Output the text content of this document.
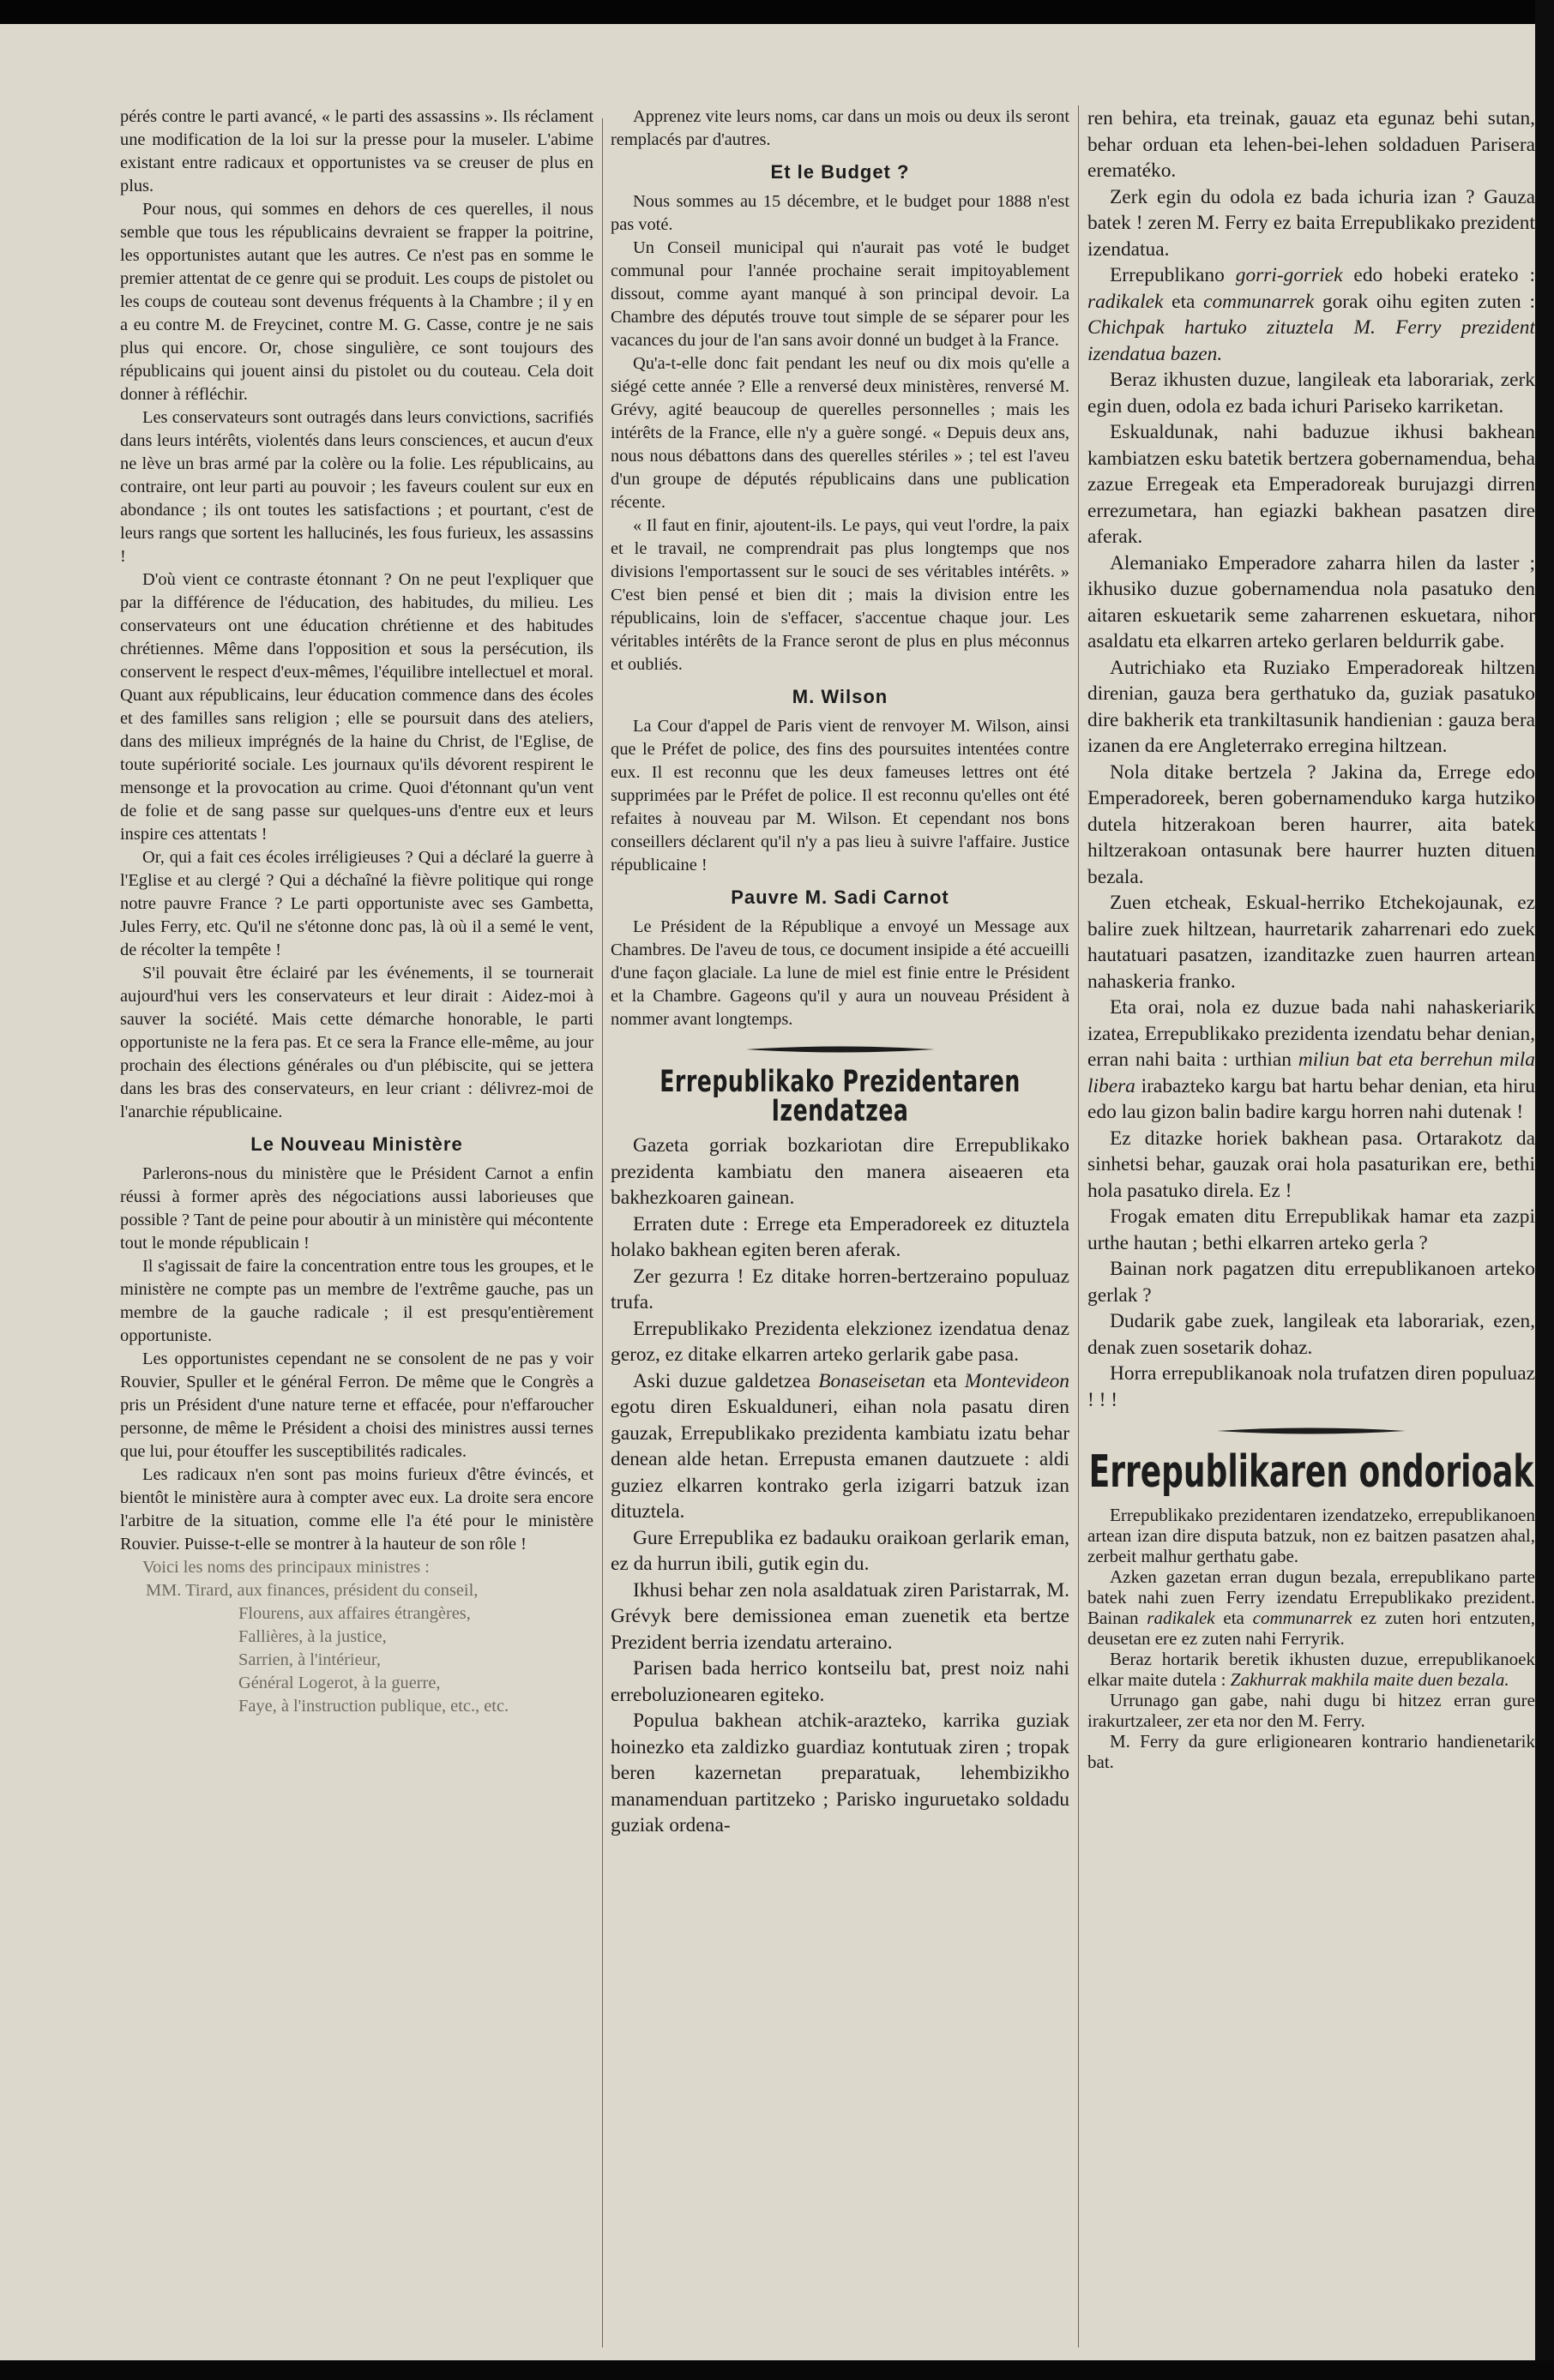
pérés contre le parti avancé, « le parti des assassins ». Ils réclament une modification de la loi sur la presse pour la museler. L'abime existant entre radicaux et opportunistes va se creuser de plus en plus.

Pour nous, qui sommes en dehors de ces querelles, il nous semble que tous les républicains devraient se frapper la poitrine, les opportunistes autant que les autres. Ce n'est pas en somme le premier attentat de ce genre qui se produit. Les coups de pistolet ou les coups de couteau sont devenus fréquents à la Chambre ; il y en a eu contre M. de Freycinet, contre M. G. Casse, contre je ne sais plus qui encore. Or, chose singulière, ce sont toujours des républicains qui jouent ainsi du pistolet ou du couteau. Cela doit donner à réfléchir.

Les conservateurs sont outragés dans leurs convictions, sacrifiés dans leurs intérêts, violentés dans leurs consciences, et aucun d'eux ne lève un bras armé par la colère ou la folie. Les républicains, au contraire, ont leur parti au pouvoir ; les faveurs coulent sur eux en abondance ; ils ont toutes les satisfactions ; et pourtant, c'est de leurs rangs que sortent les hallucinés, les fous furieux, les assassins !

D'où vient ce contraste étonnant ? On ne peut l'expliquer que par la différence de l'éducation, des habitudes, du milieu. Les conservateurs ont une éducation chrétienne et des habitudes chrétiennes. Même dans l'opposition et sous la persécution, ils conservent le respect d'eux-mêmes, l'équilibre intellectuel et moral. Quant aux républicains, leur éducation commence dans des écoles et des familles sans religion ; elle se poursuit dans des ateliers, dans des milieux imprégnés de la haine du Christ, de l'Eglise, de toute supériorité sociale. Les journaux qu'ils dévorent respirent le mensonge et la provocation au crime. Quoi d'étonnant qu'un vent de folie et de sang passe sur quelques-uns d'entre eux et leurs inspire ces attentats !

Or, qui a fait ces écoles irréligieuses ? Qui a déclaré la guerre à l'Eglise et au clergé ? Qui a déchaîné la fièvre politique qui ronge notre pauvre France ? Le parti opportuniste avec ses Gambetta, Jules Ferry, etc. Qu'il ne s'étonne donc pas, là où il a semé le vent, de récolter la tempête !

S'il pouvait être éclairé par les événements, il se tournerait aujourd'hui vers les conservateurs et leur dirait : Aidez-moi à sauver la société. Mais cette démarche honorable, le parti opportuniste ne la fera pas. Et ce sera la France elle-même, au jour prochain des élections générales ou d'un plébiscite, qui se jettera dans les bras des conservateurs, en leur criant : délivrez-moi de l'anarchie républicaine.

Le Nouveau Ministère

Parlerons-nous du ministère que le Président Carnot a enfin réussi à former après des négociations aussi laborieuses que possible ? Tant de peine pour aboutir à un ministère qui mécontente tout le monde républicain !

Il s'agissait de faire la concentration entre tous les groupes, et le ministère ne compte pas un membre de l'extrême gauche, pas un membre de la gauche radicale ; il est presqu'entièrement opportuniste.

Les opportunistes cependant ne se consolent de ne pas y voir Rouvier, Spuller et le général Ferron. De même que le Congrès a pris un Président d'une nature terne et effacée, pour n'effaroucher personne, de même le Président a choisi des ministres aussi ternes que lui, pour étouffer les susceptibilités radicales.

Les radicaux n'en sont pas moins furieux d'être évincés, et bientôt le ministère aura à compter avec eux. La droite sera encore l'arbitre de la situation, comme elle l'a été pour le ministère Rouvier. Puisse-t-elle se montrer à la hauteur de son rôle !

Voici les noms des principaux ministres :

MM. Tirard, aux finances, président du conseil,

Flourens, aux affaires étrangères,

Fallières, à la justice,

Sarrien, à l'intérieur,

Général Logerot, à la guerre,

Faye, à l'instruction publique, etc., etc.

Apprenez vite leurs noms, car dans un mois ou deux ils seront remplacés par d'autres.

Et le Budget ?

Nous sommes au 15 décembre, et le budget pour 1888 n'est pas voté.

Un Conseil municipal qui n'aurait pas voté le budget communal pour l'année prochaine serait impitoyablement dissout, comme ayant manqué à son principal devoir. La Chambre des députés trouve tout simple de se séparer pour les vacances du jour de l'an sans avoir donné un budget à la France.

Qu'a-t-elle donc fait pendant les neuf ou dix mois qu'elle a siégé cette année ? Elle a renversé deux ministères, renversé M. Grévy, agité beaucoup de querelles personnelles ; mais les intérêts de la France, elle n'y a guère songé. « Depuis deux ans, nous nous débattons dans des querelles stériles » ; tel est l'aveu d'un groupe de députés républicains dans une publication récente.

« Il faut en finir, ajoutent-ils. Le pays, qui veut l'ordre, la paix et le travail, ne comprendrait pas plus longtemps que nos divisions l'emportassent sur le souci de ses véritables intérêts. » C'est bien pensé et bien dit ; mais la division entre les républicains, loin de s'effacer, s'accentue chaque jour. Les véritables intérêts de la France seront de plus en plus méconnus et oubliés.

M. Wilson

La Cour d'appel de Paris vient de renvoyer M. Wilson, ainsi que le Préfet de police, des fins des poursuites intentées contre eux. Il est reconnu que les deux fameuses lettres ont été supprimées par le Préfet de police. Il est reconnu qu'elles ont été refaites à nouveau par M. Wilson. Et cependant nos bons conseillers déclarent qu'il n'y a pas lieu à suivre l'affaire. Justice républicaine !

Pauvre M. Sadi Carnot

Le Président de la République a envoyé un Message aux Chambres. De l'aveu de tous, ce document insipide a été accueilli d'une façon glaciale. La lune de miel est finie entre le Président et la Chambre. Gageons qu'il y aura un nouveau Président à nommer avant longtemps.

Errepublikako Prezidentaren Izendatzea

Gazeta gorriak bozkariotan dire Errepublikako prezidenta kambiatu den manera aiseaeren eta bakhezkoaren gainean.

Erraten dute : Errege eta Emperadoreek ez dituztela holako bakhean egiten beren aferak.

Zer gezurra ! Ez ditake horren-bertzeraino populuaz trufa.

Errepublikako Prezidenta elekzionez izendatua denaz geroz, ez ditake elkarren arteko gerlarik gabe pasa.

Aski duzue galdetzea Bonaseisetan eta Montevideon egotu diren Eskualduneri, eihan nola pasatu diren gauzak, Errepublikako prezidenta kambiatu izatu behar denean alde hetan. Errepusta emanen dautzuete : aldi guziez elkarren kontrako gerla izigarri batzuk izan dituztela.

Gure Errepublika ez badauku oraikoan gerlarik eman, ez da hurrun ibili, gutik egin du.

Ikhusi behar zen nola asaldatuak ziren Paristarrak, M. Grévyk bere demissionea eman zuenetik eta bertze Prezident berria izendatu arteraino.

Parisen bada herrico kontseilu bat, prest noiz nahi erreboluzionearen egiteko.

Populua bakhean atchik-arazteko, karrika guziak hoinezko eta zaldizko guardiaz kontutuak ziren ; tropak beren kazernetan preparatuak, lehembizikho manamenduan partitzeko ; Parisko inguruetako soldadu guziak ordena-

ren behira, eta treinak, gauaz eta egunaz behi sutan, behar orduan eta lehen-bei-lehen soldaduen Parisera erematéko.

Zerk egin du odola ez bada ichuria izan ? Gauza batek ! zeren M. Ferry ez baita Errepublikako prezident izendatua.

Errepublikano gorri-gorriek edo hobeki erateko : radikalek eta communarrek gorak oihu egiten zuten : Chichpak hartuko zituztela M. Ferry prezident izendatua bazen.

Beraz ikhusten duzue, langileak eta laborariak, zerk egin duen, odola ez bada ichuri Pariseko karriketan.

Eskualdunak, nahi baduzue ikhusi bakhean kambiatzen esku batetik bertzera gobernamendua, beha zazue Erregeak eta Emperadoreak burujazgi dirren errezumetara, han egiazki bakhean pasatzen dire aferak.

Alemaniako Emperadore zaharra hilen da laster ; ikhusiko duzue gobernamendua nola pasatuko den aitaren eskuetarik seme zaharrenen eskuetara, nihor asaldatu eta elkarren arteko gerlaren beldurrik gabe.

Autrichiako eta Ruziako Emperadoreak hiltzen direnian, gauza bera gerthatuko da, guziak pasatuko dire bakherik eta trankiltasunik handienian : gauza bera izanen da ere Angleterrako erregina hiltzean.

Nola ditake bertzela ? Jakina da, Errege edo Emperadoreek, beren gobernamenduko karga hutziko dutela hitzerakoan beren haurrer, aita batek hiltzerakoan ontasunak bere haurrer huzten dituen bezala.

Zuen etcheak, Eskual-herriko Etchekojaunak, ez balire zuek hiltzean, haurretarik zaharrenari edo zuek hautatuari pasatzen, izanditazke zuen haurren artean nahaskeria franko.

Eta orai, nola ez duzue bada nahi nahaskeriarik izatea, Errepublikako prezidenta izendatu behar denian, erran nahi baita : urthian miliun bat eta berrehun mila libera irabazteko kargu bat hartu behar denian, eta hiru edo lau gizon balin badire kargu horren nahi dutenak !

Ez ditazke horiek bakhean pasa. Ortarakotz da sinhetsi behar, gauzak orai hola pasaturikan ere, bethi hola pasatuko direla. Ez !

Frogak ematen ditu Errepublikak hamar eta zazpi urthe hautan ; bethi elkarren arteko gerla ?

Bainan nork pagatzen ditu errepublikanoen arteko gerlak ?

Dudarik gabe zuek, langileak eta laborariak, ezen, denak zuen sosetarik dohaz.

Horra errepublikanoak nola trufatzen diren populuaz ! ! !

Errepublikaren ondorioak

Errepublikako prezidentaren izendatzeko, errepublikanoen artean izan dire disputa batzuk, non ez baitzen pasatzen ahal, zerbeit malhur gerthatu gabe.

Azken gazetan erran dugun bezala, errepublikano parte batek nahi zuen Ferry izendatu Errepublikako prezident. Bainan radikalek eta communarrek ez zuten hori entzuten, deusetan ere ez zuten nahi Ferryrik.

Beraz hortarik beretik ikhusten duzue, errepublikanoek elkar maite dutela : Zakhurrak makhila maite duen bezala.

Urrunago gan gabe, nahi dugu bi hitzez erran gure irakurtzaleer, zer eta nor den M. Ferry.

M. Ferry da gure erligionearen kontrario handienetarik bat.
